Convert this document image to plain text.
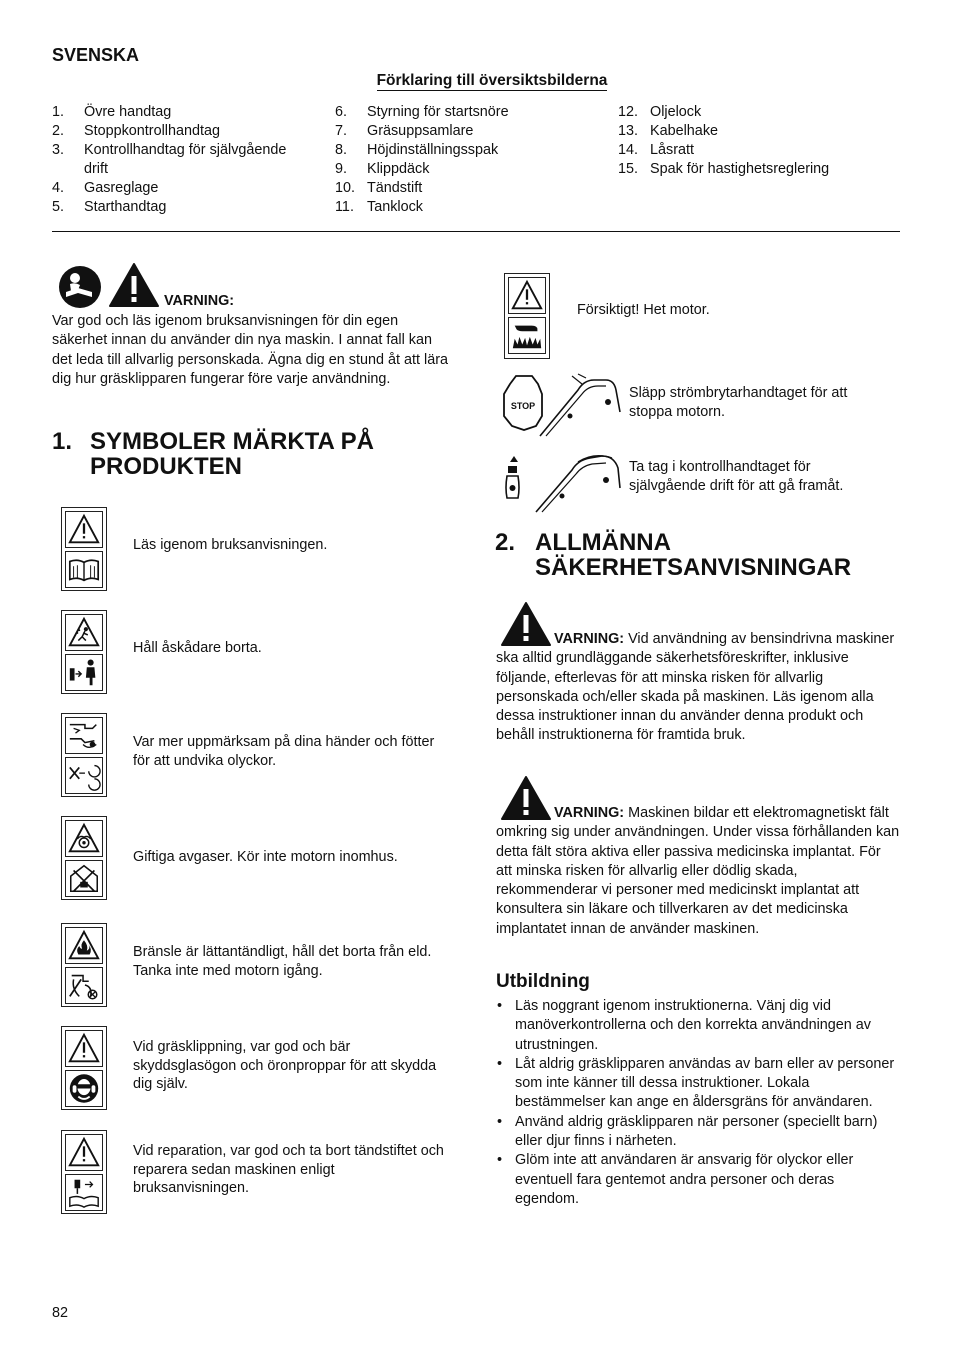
SVENSKA
Förklaring till översiktsbilderna
1.	Övre handtag
2.	Stoppkontrollhandtag
3.	Kontrollhandtag för självgående drift
4.	Gasreglage
5.	Starthandtag
6.	Styrning för startsnöre
7.	Gräsuppsamlare
8.	Höjdinställningsspak
9.	Klippdäck
10. Tändstift
11. Tanklock
12. Oljelock
13. Kabelhake
14. Låsratt
15. Spak för hastighetsreglering
VARNING:
Var god och läs igenom bruksanvisningen för din egen säkerhet innan du använder din nya maskin. I annat fall kan det leda till allvarlig personskada. Ägna dig en stund åt att lära dig hur gräsklipparen fungerar före varje användning.
1. SYMBOLER MÄRKTA PÅ PRODUKTEN
Läs igenom bruksanvisningen.
Håll åskådare borta.
Var mer uppmärksam på dina händer och fötter för att undvika olyckor.
Giftiga avgaser. Kör inte motorn inomhus.
Bränsle är lättantändligt, håll det borta från eld. Tanka inte med motorn igång.
Vid gräsklippning, var god och bär skyddsglasögon och öronproppar för att skydda dig själv.
Vid reparation, var god och ta bort tändstiftet och reparera sedan maskinen enligt bruksanvisningen.
Försiktigt! Het motor.
STOP
Släpp strömbrytarhandtaget för att stoppa motorn.
Ta tag i kontrollhandtaget för självgående drift för att gå framåt.
2. ALLMÄNNA SÄKERHETSANVISNINGAR
VARNING: Vid användning av bensindrivna maskiner ska alltid grundläggande säkerhetsföreskrifter, inklusive följande, efterlevas för att minska risken för allvarlig personskada och/eller skada på maskinen. Läs igenom alla dessa instruktioner innan du använder denna produkt och behåll instruktionerna för framtida bruk.
VARNING: Maskinen bildar ett elektromagnetiskt fält omkring sig under användningen. Under vissa förhållanden kan detta fält störa aktiva eller passiva medicinska implantat. För att minska risken för allvarlig eller dödlig skada, rekommenderar vi personer med medicinskt implantat att konsultera sin läkare och tillverkaren av det medicinska implantatet innan de använder maskinen.
Utbildning
• Läs noggrant igenom instruktionerna. Vänj dig vid manöverkontrollerna och den korrekta användningen av utrustningen.
• Låt aldrig gräsklipparen användas av barn eller av personer som inte känner till dessa instruktioner. Lokala bestämmelser kan ange en åldersgräns för användaren.
• Använd aldrig gräsklipparen när personer (speciellt barn) eller djur finns i närheten.
• Glöm inte att användaren är ansvarig för olyckor eller eventuell fara gentemot andra personer och deras egendom.
82
